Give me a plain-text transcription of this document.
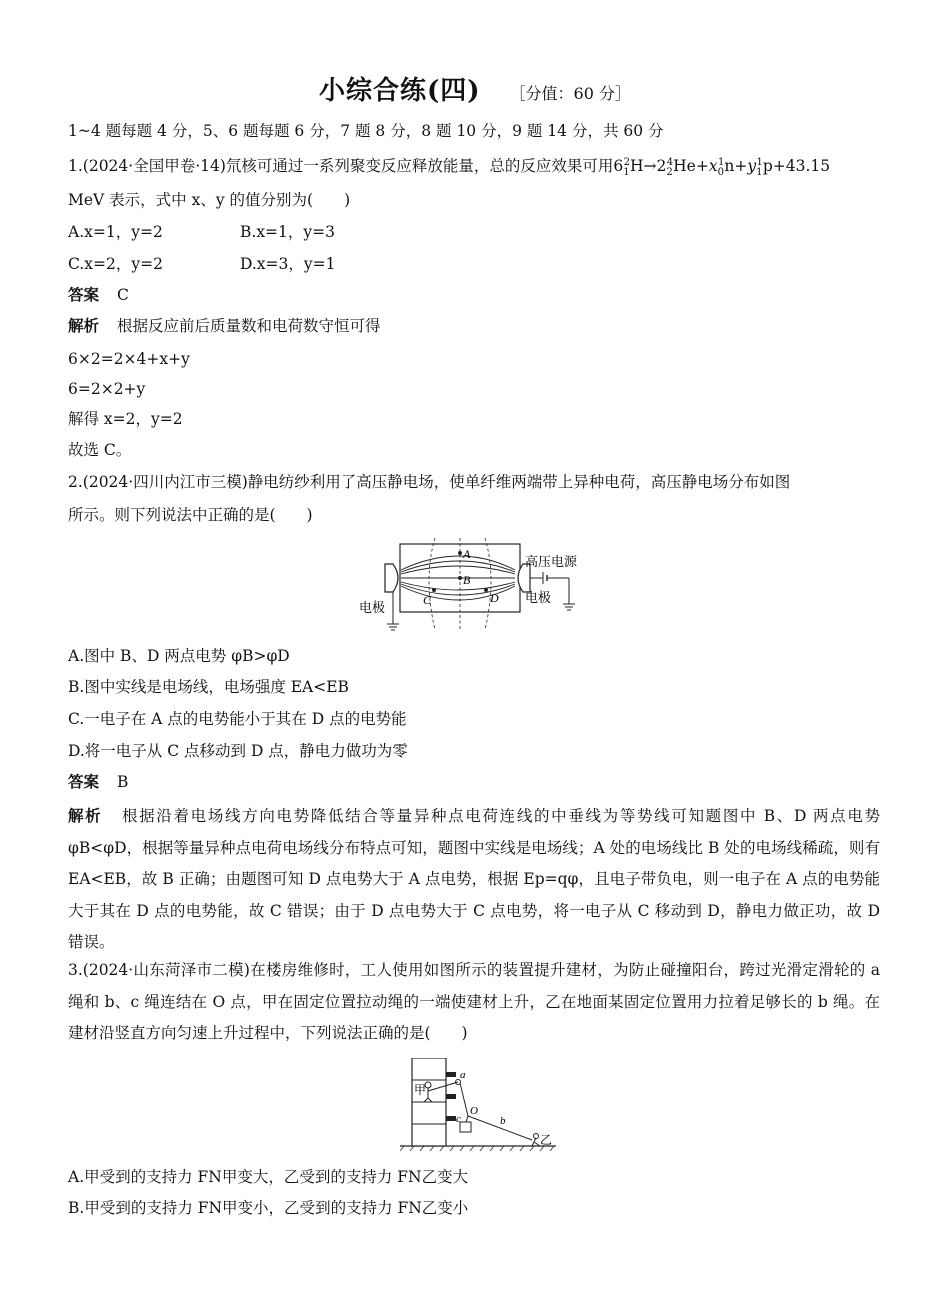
小综合练(四) ［分值：60 分］
1~4 题每题 4 分，5、6 题每题 6 分，7 题 8 分，8 题 10 分，9 题 14 分，共 60 分
1.(2024·全国甲卷·14)氘核可通过一系列聚变反应释放能量，总的反应效果可用$6_1^2H\to 2_2^4He+x_0^1n+y_1^1p+43.15$
MeV 表示，式中 x、y 的值分别为(　　)
A.x=1，y=2	B.x=1，y=3
C.x=2，y=2	D.x=3，y=1
答案 C
解析 根据反应前后质量数和电荷数守恒可得
6×2=2×4+x+y
6=2×2+y
解得 x=2，y=2
故选 C。
2.(2024·四川内江市三模)静电纺纱利用了高压静电场，使单纤维两端带上异种电荷，高压静电场分布如图
所示。则下列说法中正确的是(　　)
A
B
C	D
高压电源
电极
电极
A.图中 B、D 两点电势 φB>φD
B.图中实线是电场线，电场强度 EA<EB
C.一电子在 A 点的电势能小于其在 D 点的电势能
D.将一电子从 C 点移动到 D 点，静电力做功为零
答案 B
解析 根据沿着电场线方向电势降低结合等量异种点电荷连线的中垂线为等势线可知题图中 B、D 两点电势 φB<φD，根据等量异种点电荷电场线分布特点可知，题图中实线是电场线；A 处的电场线比 B 处的电场线稀疏，则有 EA<EB，故 B 正确；由题图可知 D 点电势大于 A 点电势，根据 Ep=qφ，且电子带负电，则一电子在 A 点的电势能大于其在 D 点的电势能，故 C 错误；由于 D 点电势大于 C 点电势，将一电子从 C 移动到 D，静电力做正功，故 D 错误。
3.(2024·山东菏泽市二模)在楼房维修时，工人使用如图所示的装置提升建材，为防止碰撞阳台，跨过光滑定滑轮的 a 绳和 b、c 绳连结在 O 点，甲在固定位置拉动绳的一端使建材上升，乙在地面某固定位置用力拉着足够长的 b 绳。在建材沿竖直方向匀速上升过程中，下列说法正确的是(　　)
甲
乙
a
O
b
c
A.甲受到的支持力 FN甲变大，乙受到的支持力 FN乙变大
B.甲受到的支持力 FN甲变小，乙受到的支持力 FN乙变小
